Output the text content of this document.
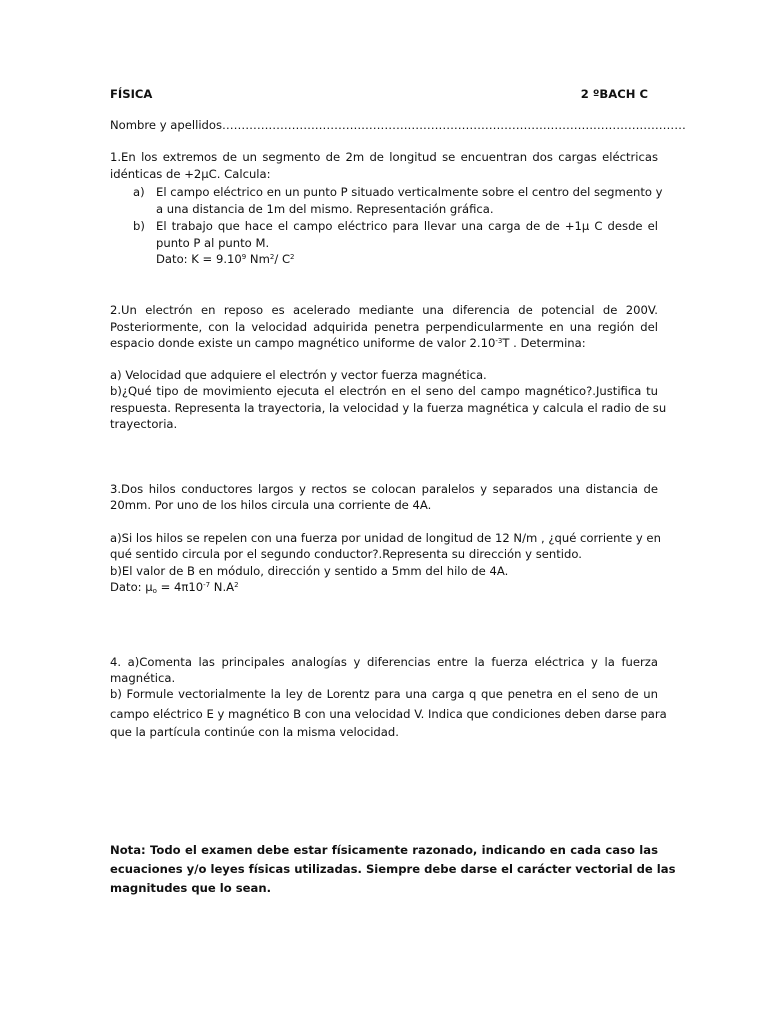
FÍSICA	2 ºBACH C
Nombre y apellidos…………………………………………………………………………………………………………
1.En los extremos de un segmento de 2m de longitud se encuentran dos cargas eléctricas
idénticas de +2μC. Calcula:
a) El campo eléctrico en un punto P situado verticalmente sobre el centro del segmento y
a una distancia de 1m del mismo. Representación gráfica.
b) El trabajo que hace el campo eléctrico para llevar una carga de de +1μ C desde el
punto P al punto M.
Dato: $K = 9.10^9$ Nm$^2$/ $C^2$
2.Un electrón en reposo es acelerado mediante una diferencia de potencial de 200V.
Posteriormente, con la velocidad adquirida penetra perpendicularmente en una región del
espacio donde existe un campo magnético uniforme de valor $2.10^{-3}T$ . Determina:
a) Velocidad que adquiere el electrón y vector fuerza magnética.
b)¿Qué tipo de movimiento ejecuta el electrón en el seno del campo magnético?.Justifica tu
respuesta. Representa la trayectoria, la velocidad y la fuerza magnética y calcula el radio de su
trayectoria.
3.Dos hilos conductores largos y rectos se colocan paralelos y separados una distancia de
20mm. Por uno de los hilos circula una corriente de 4A.
a)Si los hilos se repelen con una fuerza por unidad de longitud de 12 N/m , ¿qué corriente y en
qué sentido circula por el segundo conductor?.Representa su dirección y sentido.
b)El valor de B en módulo, dirección y sentido a 5mm del hilo de 4A.
Dato: $\mu_o = 4\pi 10^{-7}$ $N.A^2$
4. a)Comenta las principales analogías y diferencias entre la fuerza eléctrica y la fuerza
magnética.
b) Formule vectorialmente la ley de Lorentz para una carga q que penetra en el seno de un
campo eléctrico E y magnético B con una velocidad V. Indica que condiciones deben darse para
que la partícula continúe con la misma velocidad.
Nota: Todo el examen debe estar físicamente razonado, indicando en cada caso las
ecuaciones y/o leyes físicas utilizadas. Siempre debe darse el carácter vectorial de las
magnitudes que lo sean.
